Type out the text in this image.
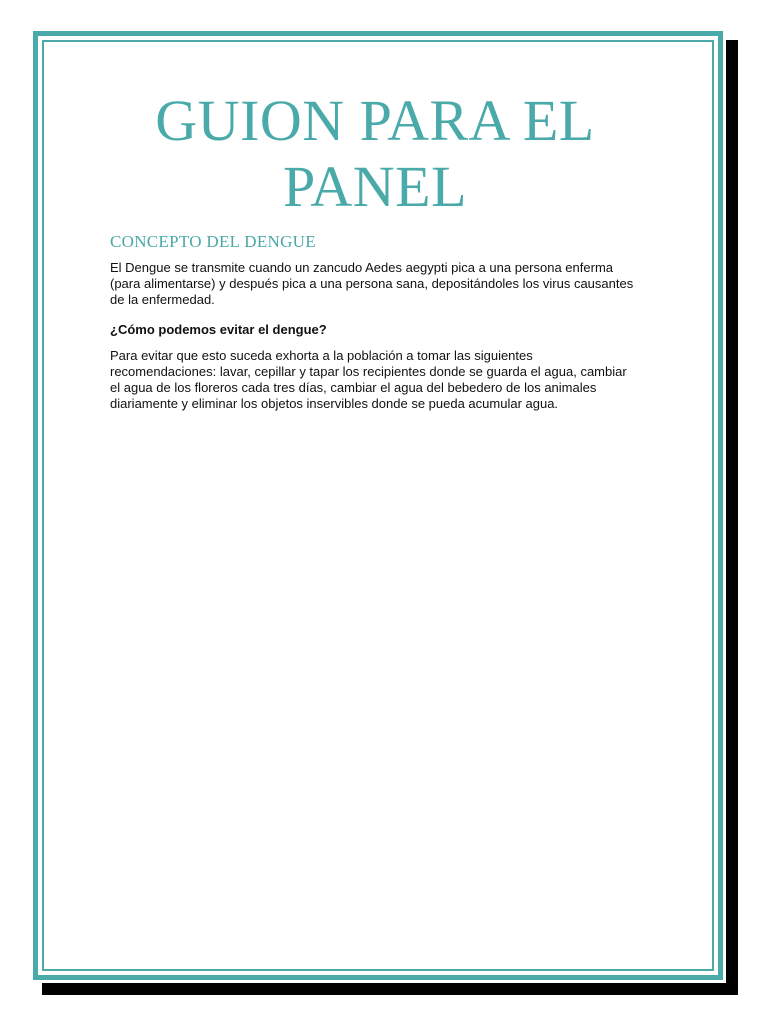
GUION PARA EL PANEL
CONCEPTO DEL DENGUE

El Dengue se transmite cuando un zancudo Aedes aegypti pica a una persona enferma (para alimentarse) y después pica a una persona sana, depositándoles los virus causantes de la enfermedad.

¿Cómo podemos evitar el dengue?

Para evitar que esto suceda exhorta a la población a tomar las siguientes recomendaciones: lavar, cepillar y tapar los recipientes donde se guarda el agua, cambiar el agua de los floreros cada tres días, cambiar el agua del bebedero de los animales diariamente y eliminar los objetos inservibles donde se pueda acumular agua.
